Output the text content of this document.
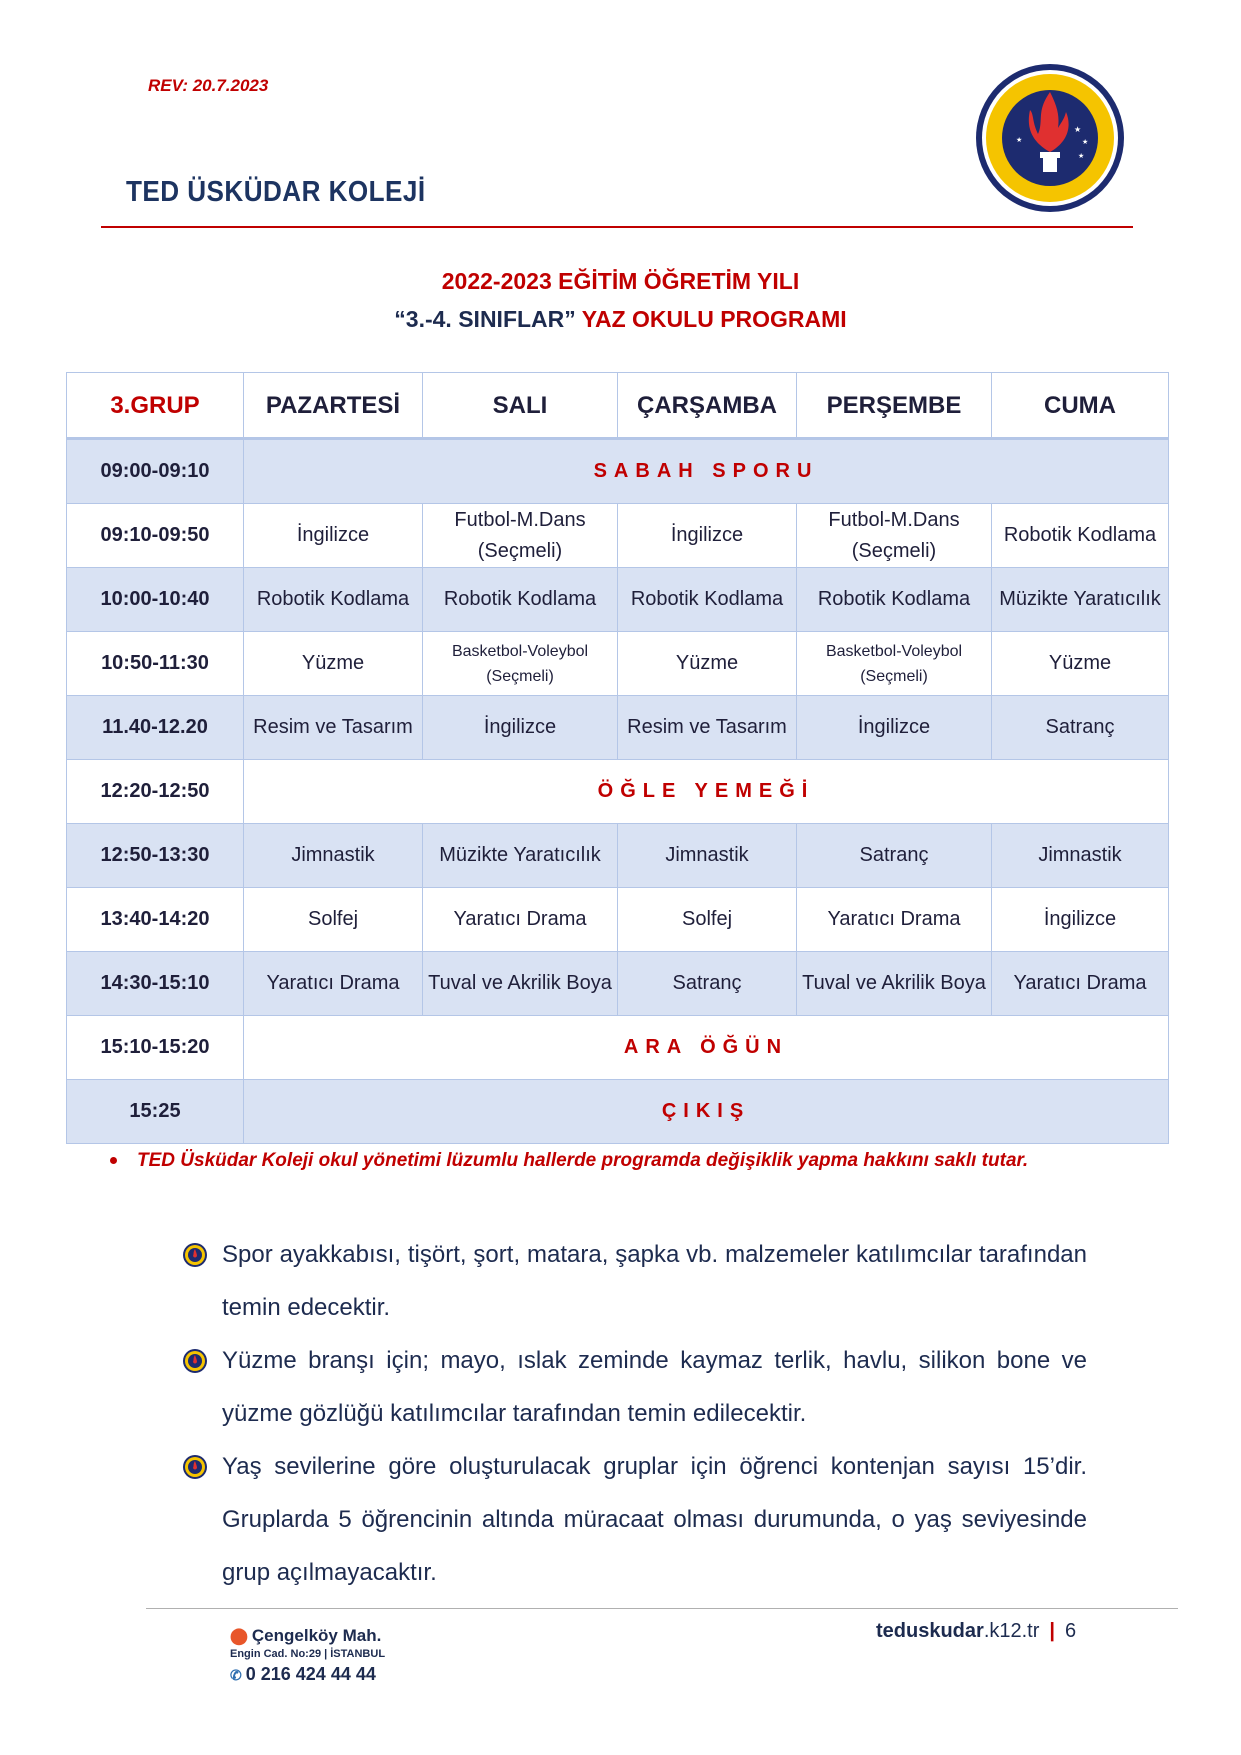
REV: 20.7.2023
TED ÜSKÜDAR KOLEJİ
★
★
★
★
2022-2023 EĞİTİM ÖĞRETİM YILI
“3.-4. SINIFLAR” YAZ OKULU PROGRAMI
3.GRUP	PAZARTESİ	SALI	ÇARŞAMBA	PERŞEMBE	CUMA
09:00-09:10	SABAH SPORU				
09:10-09:50	İngilizce	Futbol-M.Dans (Seçmeli)	İngilizce	Futbol-M.Dans (Seçmeli)	Robotik Kodlama
10:00-10:40	Robotik Kodlama	Robotik Kodlama	Robotik Kodlama	Robotik Kodlama	Müzikte Yaratıcılık
10:50-11:30	Yüzme	Basketbol-Voleybol (Seçmeli)	Yüzme	Basketbol-Voleybol (Seçmeli)	Yüzme
11.40-12.20	Resim ve Tasarım	İngilizce	Resim ve Tasarım	İngilizce	Satranç
12:20-12:50	ÖĞLE YEMEĞİ				
12:50-13:30	Jimnastik	Müzikte Yaratıcılık	Jimnastik	Satranç	Jimnastik
13:40-14:20	Solfej	Yaratıcı Drama	Solfej	Yaratıcı Drama	İngilizce
14:30-15:10	Yaratıcı Drama	Tuval ve Akrilik Boya	Satranç	Tuval ve Akrilik Boya	Yaratıcı Drama
15:10-15:20	ARA ÖĞÜN				
15:25	ÇIKIŞ				
TED Üsküdar Koleji okul yönetimi lüzumlu hallerde programda değişiklik yapma hakkını saklı tutar.
Spor ayakkabısı, tişört, şort, matara, şapka vb. malzemeler katılımcılar tarafından temin edecektir.
Yüzme branşı için; mayo, ıslak zeminde kaymaz terlik, havlu, silikon bone ve yüzme gözlüğü katılımcılar tarafından temin edilecektir.
Yaş sevilerine göre oluşturulacak gruplar için öğrenci kontenjan sayısı 15’dir. Gruplarda 5 öğrencinin altında müracaat olması durumunda, o yaş seviyesinde grup açılmayacaktır.
⬤ Çengelköy Mah.
Engin Cad. No:29 | İSTANBUL
✆ 0 216 424 44 44
teduskudar.k12.tr | 6
